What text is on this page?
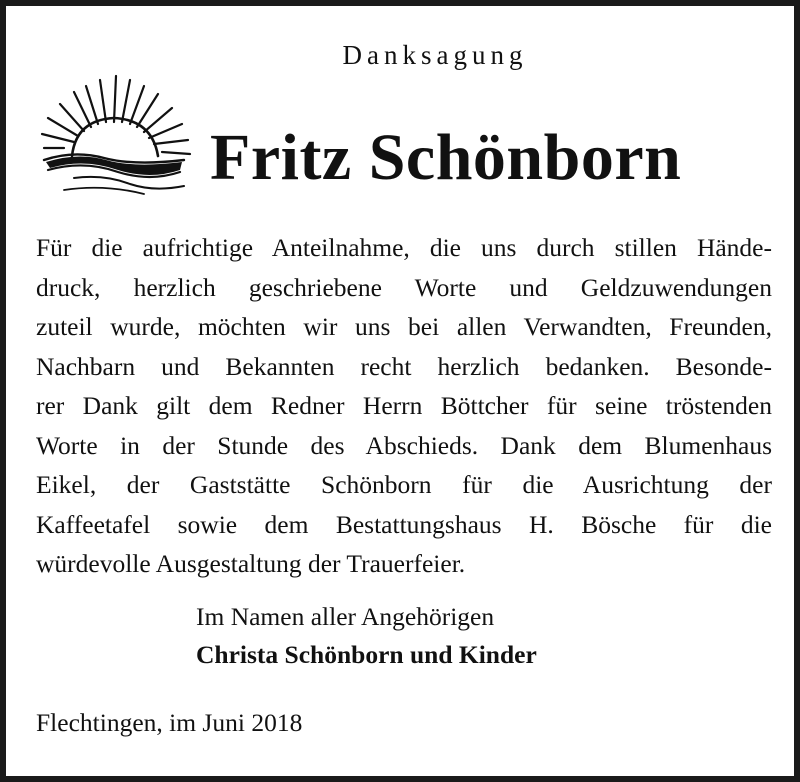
Danksagung
Fritz Schönborn
Für die aufrichtige Anteilnahme, die uns durch stillen Hände-
druck, herzlich geschriebene Worte und Geldzuwendungen
zuteil wurde, möchten wir uns bei allen Verwandten, Freunden,
Nachbarn und Bekannten recht herzlich bedanken. Besonde-
rer Dank gilt dem Redner Herrn Böttcher für seine tröstenden
Worte in der Stunde des Abschieds. Dank dem Blumenhaus
Eikel, der Gaststätte Schönborn für die Ausrichtung der
Kaffeetafel sowie dem Bestattungshaus H. Bösche für die
würdevolle Ausgestaltung der Trauerfeier.
Im Namen aller Angehörigen
Christa Schönborn und Kinder
Flechtingen, im Juni 2018
